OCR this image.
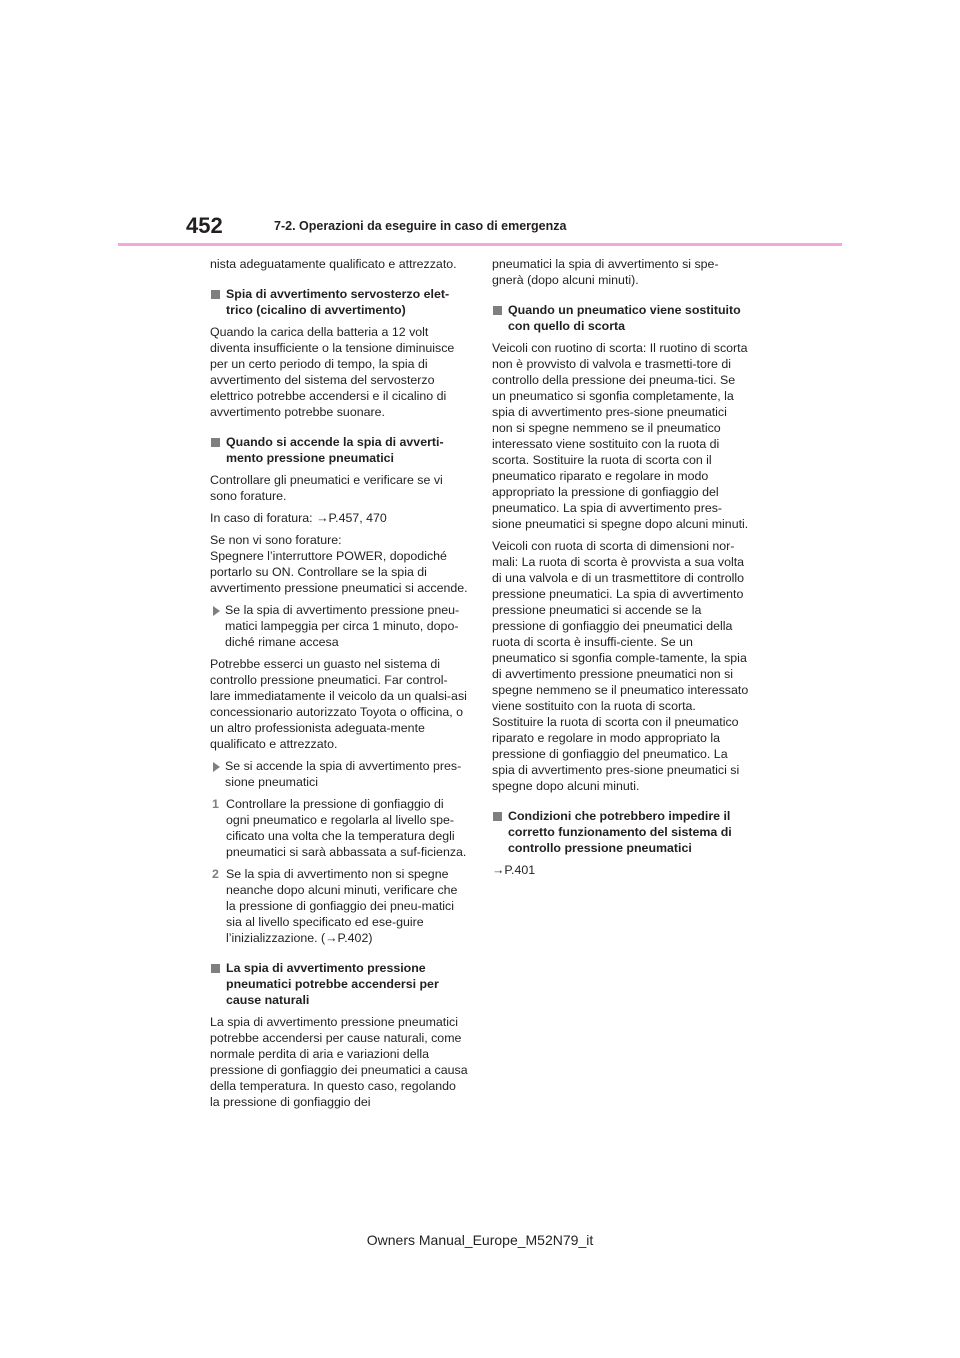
452	7-2. Operazioni da eseguire in caso di emergenza

nista adeguatamente qualificato e attrezzato.

Spia di avvertimento servosterzo elet-trico (cicalino di avvertimento)

Quando la carica della batteria a 12 volt diventa insufficiente o la tensione diminuisce per un certo periodo di tempo, la spia di avvertimento del sistema del servosterzo elettrico potrebbe accendersi e il cicalino di avvertimento potrebbe suonare.

Quando si accende la spia di avverti-mento pressione pneumatici

Controllare gli pneumatici e verificare se vi sono forature.

In caso di foratura: →P.457, 470

Se non vi sono forature:
Spegnere l’interruttore POWER, dopodiché portarlo su ON. Controllare se la spia di avvertimento pressione pneumatici si accende.

Se la spia di avvertimento pressione pneu-matici lampeggia per circa 1 minuto, dopo-diché rimane accesa

Potrebbe esserci un guasto nel sistema di controllo pressione pneumatici. Far control-lare immediatamente il veicolo da un qualsi-asi concessionario autorizzato Toyota o officina, o un altro professionista adeguata-mente qualificato e attrezzato.

Se si accende la spia di avvertimento pres-sione pneumatici
1 Controllare la pressione di gonfiaggio di ogni pneumatico e regolarla al livello spe-cificato una volta che la temperatura degli pneumatici si sarà abbassata a suf-ficienza.
2 Se la spia di avvertimento non si spegne neanche dopo alcuni minuti, verificare che la pressione di gonfiaggio dei pneu-matici sia al livello specificato ed ese-guire l’inizializzazione. (→P.402)
La spia di avvertimento pressione pneumatici potrebbe accendersi per cause naturali

La spia di avvertimento pressione pneumatici potrebbe accendersi per cause naturali, come normale perdita di aria e variazioni della pressione di gonfiaggio dei pneumatici a causa della temperatura. In questo caso, regolando la pressione di gonfiaggio dei

pneumatici la spia di avvertimento si spe-gnerà (dopo alcuni minuti).

Quando un pneumatico viene sostituito con quello di scorta

Veicoli con ruotino di scorta: Il ruotino di scorta non è provvisto di valvola e trasmetti-tore di controllo della pressione dei pneuma-tici. Se un pneumatico si sgonfia completamente, la spia di avvertimento pres-sione pneumatici non si spegne nemmeno se il pneumatico interessato viene sostituito con la ruota di scorta. Sostituire la ruota di scorta con il pneumatico riparato e regolare in modo appropriato la pressione di gonfiaggio del pneumatico. La spia di avvertimento pres-sione pneumatici si spegne dopo alcuni minuti.

Veicoli con ruota di scorta di dimensioni nor-mali: La ruota di scorta è provvista a sua volta di una valvola e di un trasmettitore di controllo pressione pneumatici. La spia di avvertimento pressione pneumatici si accende se la pressione di gonfiaggio dei pneumatici della ruota di scorta è insuffi-ciente. Se un pneumatico si sgonfia comple-tamente, la spia di avvertimento pressione pneumatici non si spegne nemmeno se il pneumatico interessato viene sostituito con la ruota di scorta. Sostituire la ruota di scorta con il pneumatico riparato e regolare in modo appropriato la pressione di gonfiaggio del pneumatico. La spia di avvertimento pres-sione pneumatici si spegne dopo alcuni minuti.

Condizioni che potrebbero impedire il corretto funzionamento del sistema di controllo pressione pneumatici

→P.401

Owners Manual_Europe_M52N79_it
